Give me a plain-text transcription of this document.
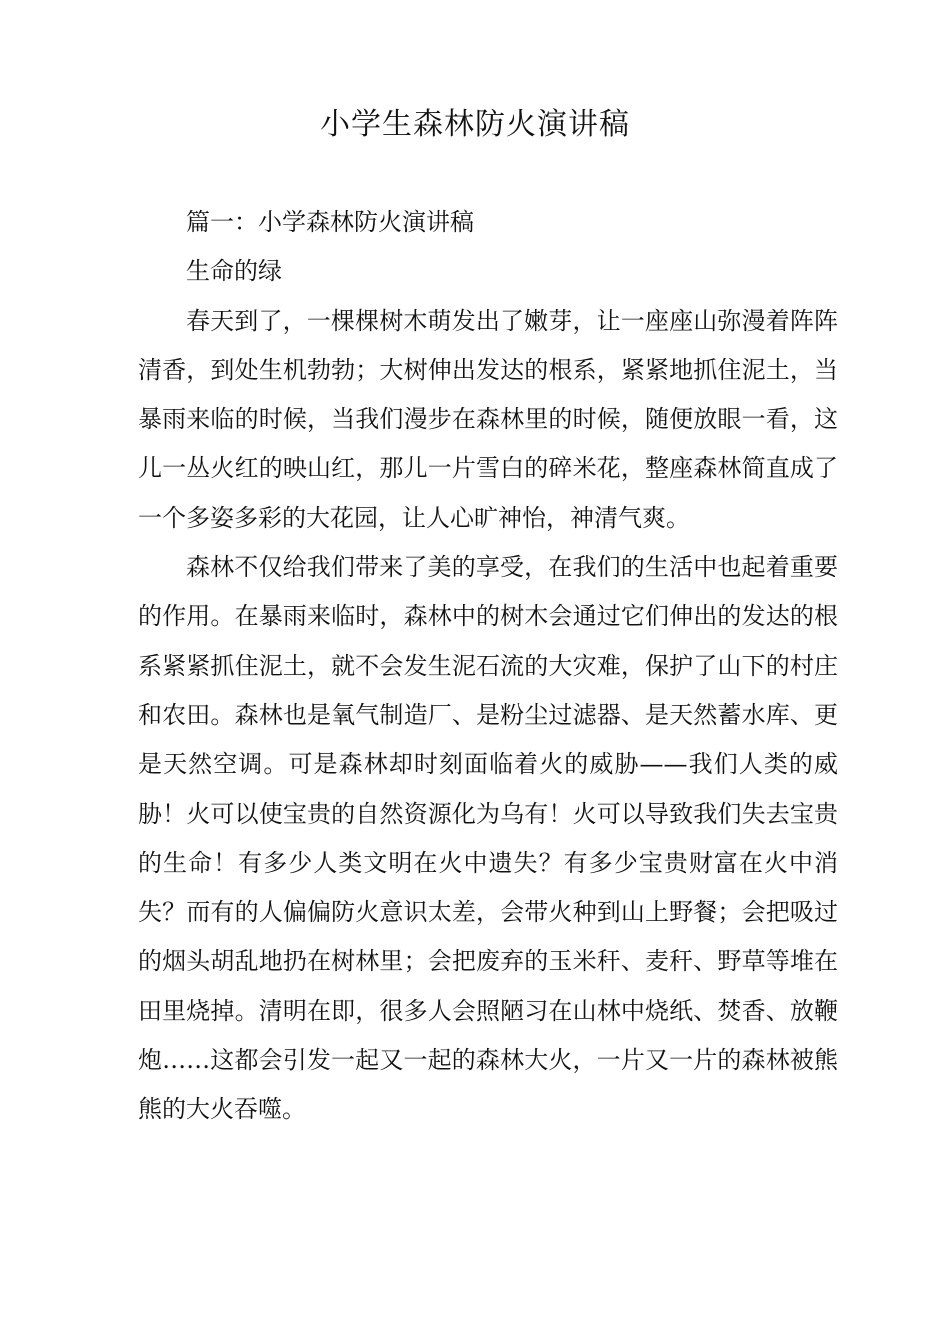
小学生森林防火演讲稿

篇一：小学森林防火演讲稿

生命的绿

春天到了，一棵棵树木萌发出了嫩芽，让一座座山弥漫着阵阵清香，到处生机勃勃；大树伸出发达的根系，紧紧地抓住泥土，当暴雨来临的时候，当我们漫步在森林里的时候，随便放眼一看，这儿一丛火红的映山红，那儿一片雪白的碎米花，整座森林简直成了一个多姿多彩的大花园，让人心旷神怡，神清气爽。

森林不仅给我们带来了美的享受，在我们的生活中也起着重要的作用。在暴雨来临时，森林中的树木会通过它们伸出的发达的根系紧紧抓住泥土，就不会发生泥石流的大灾难，保护了山下的村庄和农田。森林也是氧气制造厂、是粉尘过滤器、是天然蓄水库、更是天然空调。可是森林却时刻面临着火的威胁——我们人类的威胁！火可以使宝贵的自然资源化为乌有！火可以导致我们失去宝贵的生命！有多少人类文明在火中遗失？有多少宝贵财富在火中消失？而有的人偏偏防火意识太差，会带火种到山上野餐；会把吸过的烟头胡乱地扔在树林里；会把废弃的玉米秆、麦秆、野草等堆在田里烧掉。清明在即，很多人会照陋习在山林中烧纸、焚香、放鞭炮……这都会引发一起又一起的森林大火，一片又一片的森林被熊熊的大火吞噬。
